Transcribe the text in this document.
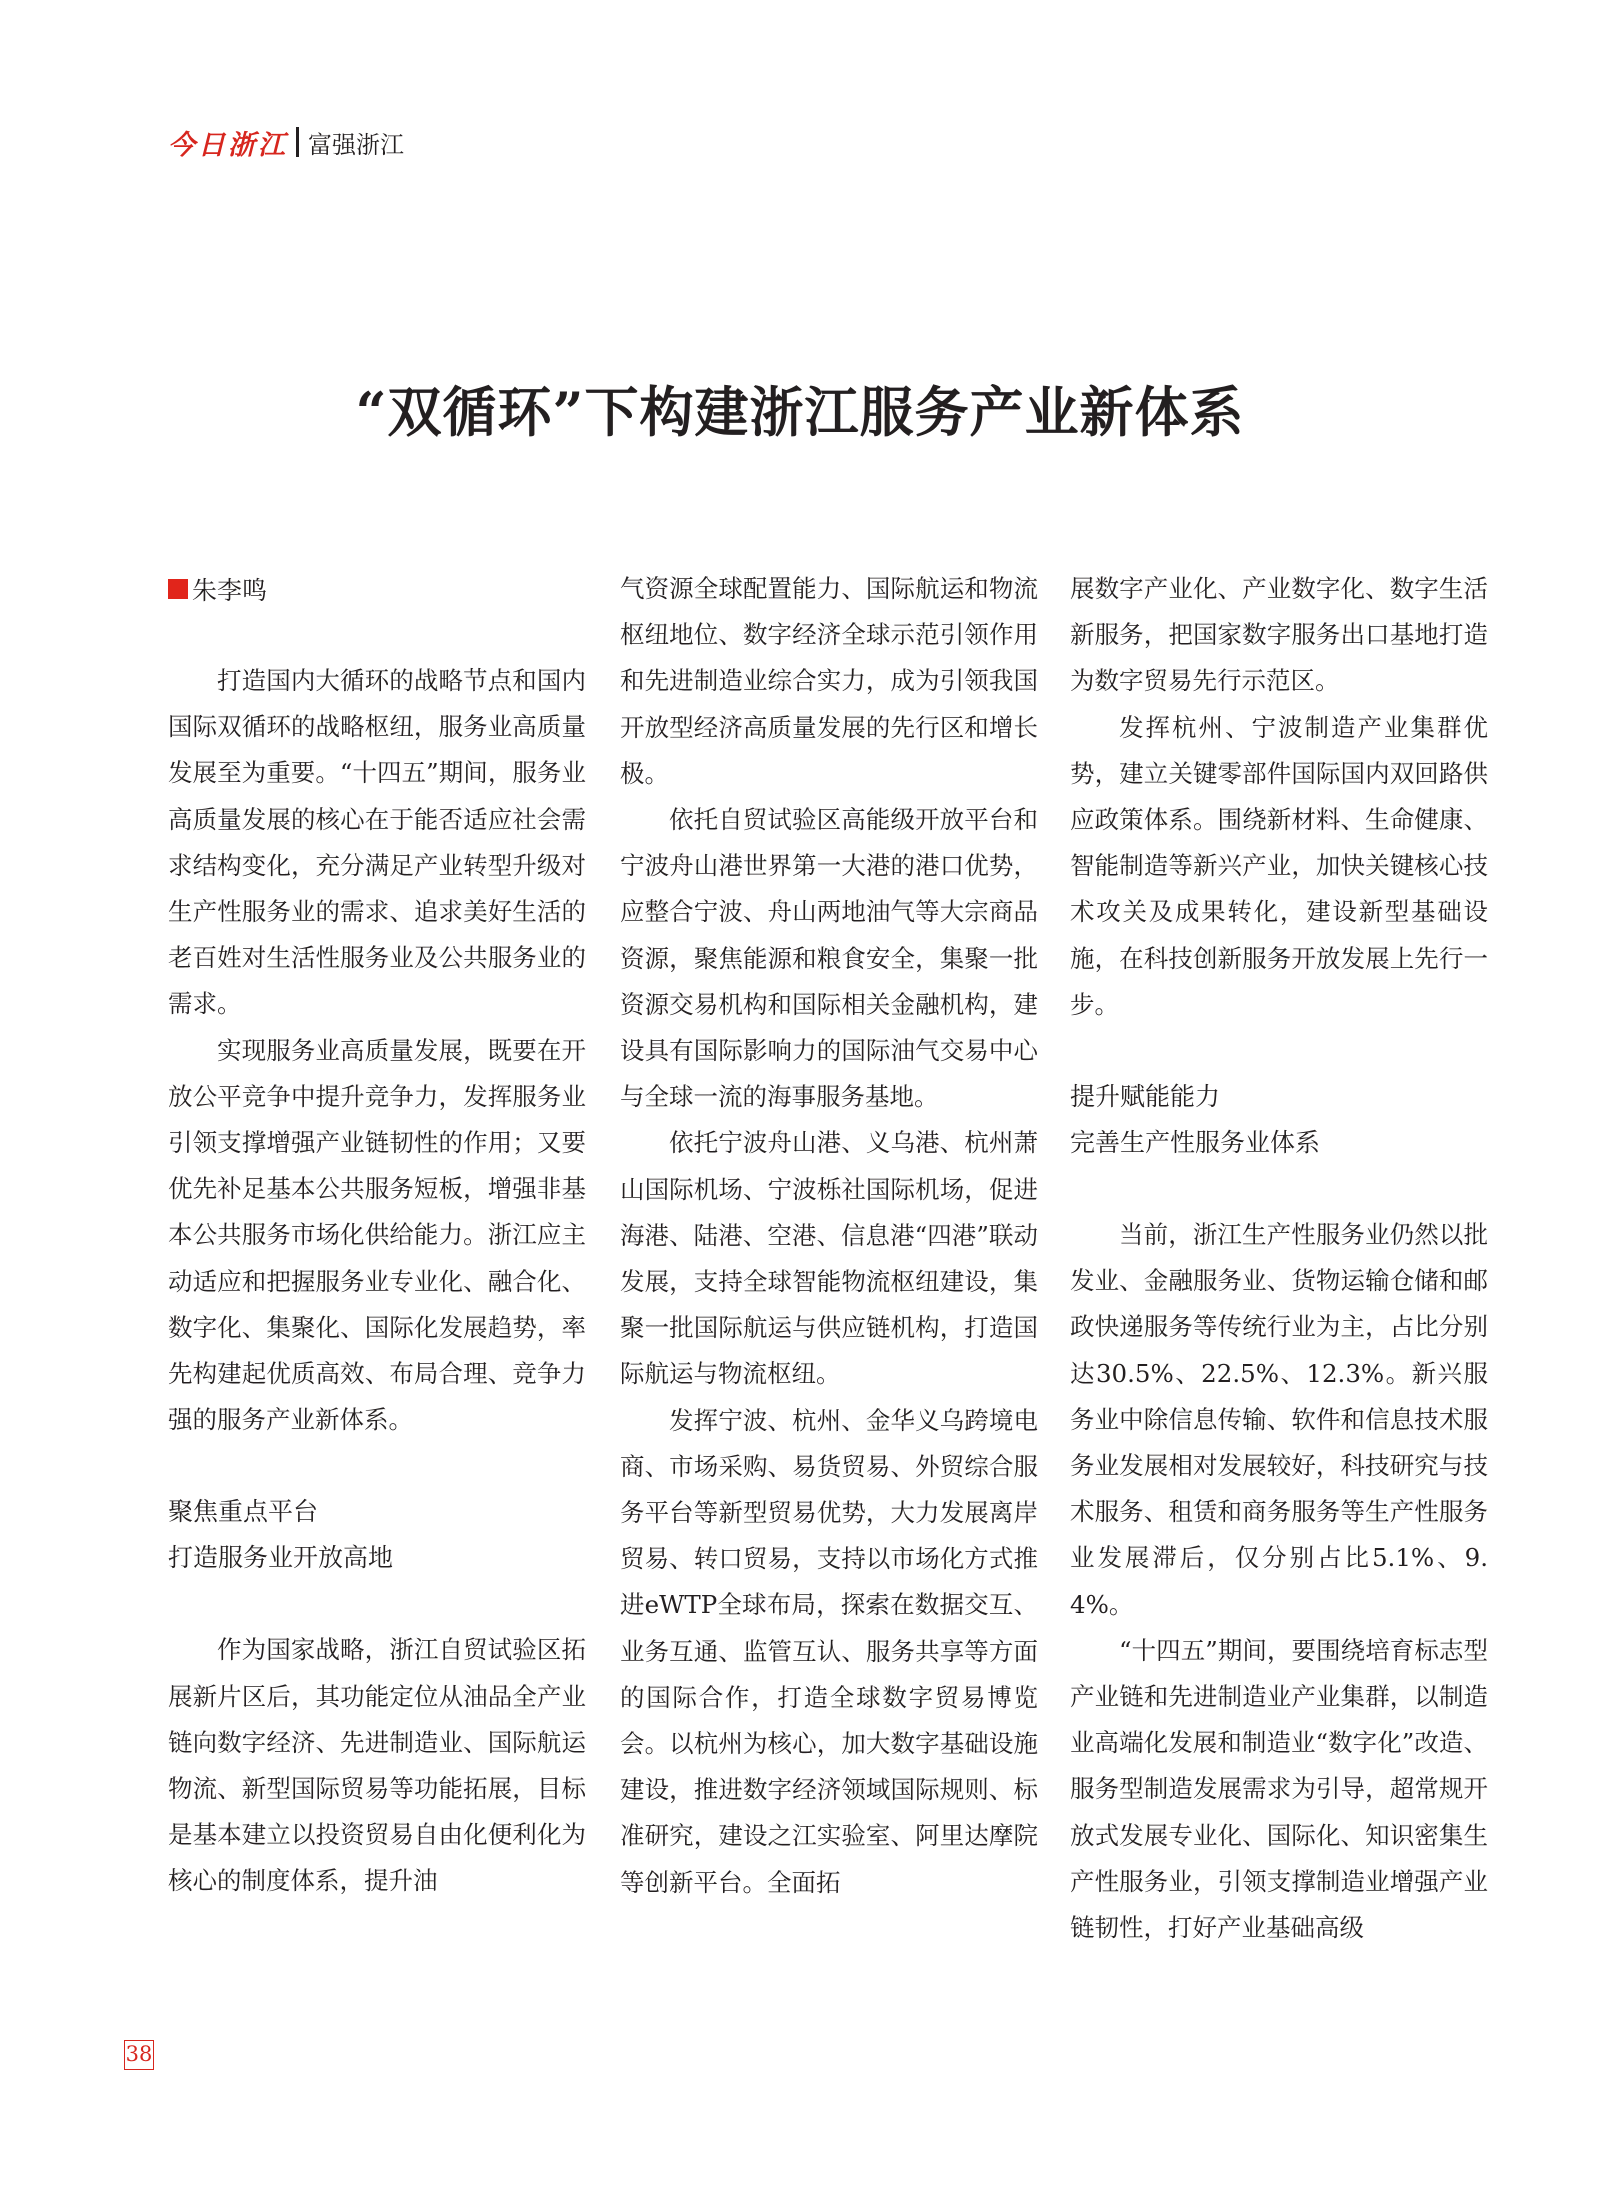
今日浙江 富强浙江
“双循环”下构建浙江服务产业新体系
朱李鸣

打造国内大循环的战略节点和国内国际双循环的战略枢纽，服务业高质量发展至为重要。“十四五”期间，服务业高质量发展的核心在于能否适应社会需求结构变化，充分满足产业转型升级对生产性服务业的需求、追求美好生活的老百姓对生活性服务业及公共服务业的需求。

实现服务业高质量发展，既要在开放公平竞争中提升竞争力，发挥服务业引领支撑增强产业链韧性的作用；又要优先补足基本公共服务短板，增强非基本公共服务市场化供给能力。浙江应主动适应和把握服务业专业化、融合化、数字化、集聚化、国际化发展趋势，率先构建起优质高效、布局合理、竞争力强的服务产业新体系。

聚焦重点平台
打造服务业开放高地

作为国家战略，浙江自贸试验区拓展新片区后，其功能定位从油品全产业链向数字经济、先进制造业、国际航运物流、新型国际贸易等功能拓展，目标是基本建立以投资贸易自由化便利化为核心的制度体系，提升油

气资源全球配置能力、国际航运和物流枢纽地位、数字经济全球示范引领作用和先进制造业综合实力，成为引领我国开放型经济高质量发展的先行区和增长极。

依托自贸试验区高能级开放平台和宁波舟山港世界第一大港的港口优势，应整合宁波、舟山两地油气等大宗商品资源，聚焦能源和粮食安全，集聚一批资源交易机构和国际相关金融机构，建设具有国际影响力的国际油气交易中心与全球一流的海事服务基地。

依托宁波舟山港、义乌港、杭州萧山国际机场、宁波栎社国际机场，促进海港、陆港、空港、信息港“四港”联动发展，支持全球智能物流枢纽建设，集聚一批国际航运与供应链机构，打造国际航运与物流枢纽。

发挥宁波、杭州、金华义乌跨境电商、市场采购、易货贸易、外贸综合服务平台等新型贸易优势，大力发展离岸贸易、转口贸易，支持以市场化方式推进eWTP全球布局，探索在数据交互、业务互通、监管互认、服务共享等方面的国际合作，打造全球数字贸易博览会。以杭州为核心，加大数字基础设施建设，推进数字经济领域国际规则、标准研究，建设之江实验室、阿里达摩院等创新平台。全面拓

展数字产业化、产业数字化、数字生活新服务，把国家数字服务出口基地打造为数字贸易先行示范区。

发挥杭州、宁波制造产业集群优势，建立关键零部件国际国内双回路供应政策体系。围绕新材料、生命健康、智能制造等新兴产业，加快关键核心技术攻关及成果转化，建设新型基础设施，在科技创新服务开放发展上先行一步。

提升赋能能力
完善生产性服务业体系

当前，浙江生产性服务业仍然以批发业、金融服务业、货物运输仓储和邮政快递服务等传统行业为主，占比分别达30.5%、22.5%、12.3%。新兴服务业中除信息传输、软件和信息技术服务业发展相对发展较好，科技研究与技术服务、租赁和商务服务等生产性服务业发展滞后，仅分别占比5.1%、9.4%。

“十四五”期间，要围绕培育标志型产业链和先进制造业产业集群，以制造业高端化发展和制造业“数字化”改造、服务型制造发展需求为引导，超常规开放式发展专业化、国际化、知识密集生产性服务业，引领支撑制造业增强产业链韧性，打好产业基础高级

38
